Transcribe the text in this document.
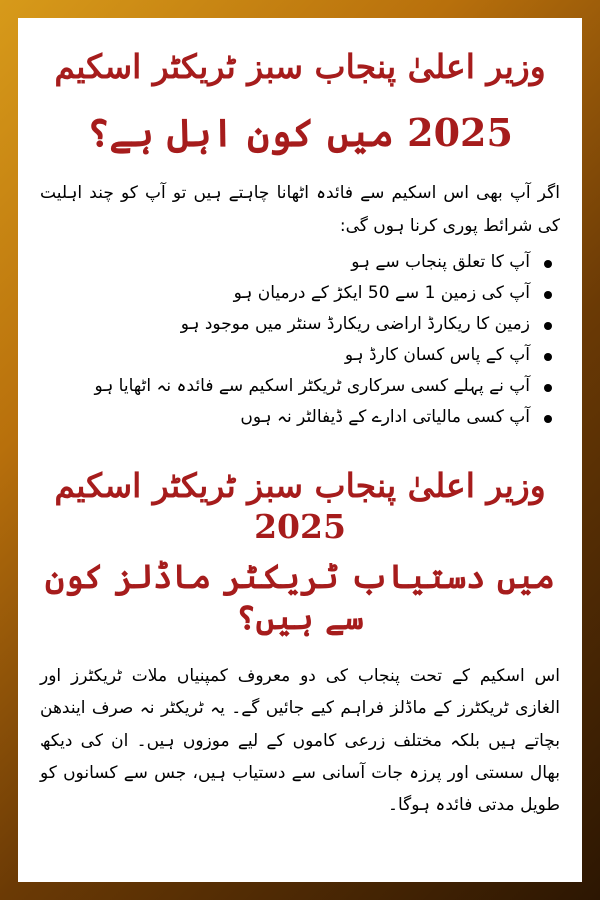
وزیر اعلیٰ پنجاب سبز ٹریکٹر اسکیم
2025 میں کون اہل ہے؟

اگر آپ بھی اس اسکیم سے فائدہ اٹھانا چاہتے ہیں تو آپ کو چند اہلیت کی شرائط پوری کرنا ہوں گی:

آپ کا تعلق پنجاب سے ہو
آپ کی زمین 1 سے 50 ایکڑ کے درمیان ہو
زمین کا ریکارڈ اراضی ریکارڈ سنٹر میں موجود ہو
آپ کے پاس کسان کارڈ ہو
آپ نے پہلے کسی سرکاری ٹریکٹر اسکیم سے فائدہ نہ اٹھایا ہو
آپ کسی مالیاتی ادارے کے ڈیفالٹر نہ ہوں
وزیر اعلیٰ پنجاب سبز ٹریکٹر اسکیم 2025
میں دستیاب ٹریکٹر ماڈلز کون سے ہیں؟

اس اسکیم کے تحت پنجاب کی دو معروف کمپنیاں ملات ٹریکٹرز اور الغازی ٹریکٹرز کے ماڈلز فراہم کیے جائیں گے۔ یہ ٹریکٹر نہ صرف ایندھن بچاتے ہیں بلکہ مختلف زرعی کاموں کے لیے موزوں ہیں۔ ان کی دیکھ بھال سستی اور پرزہ جات آسانی سے دستیاب ہیں، جس سے کسانوں کو طویل مدتی فائدہ ہوگا۔
